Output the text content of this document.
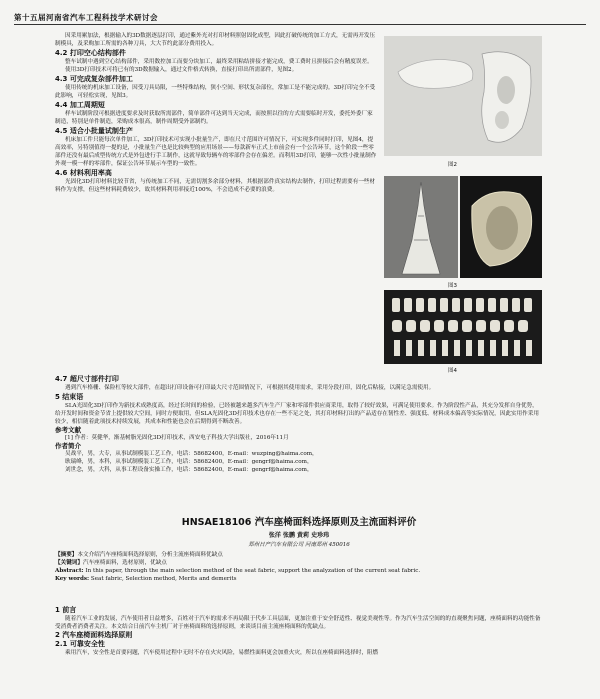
第十五届河南省汽车工程科技学术研讨会

因采用累加法，根据输入的3D数据逐层打印，通过紫外光对打印材料照射固化成型，因此打破传统的加工方式，无需再开发压制模具，及采购加工所需的各种刀具，大大节约此部分费用投入。

4.2 打印空心结构部件

整车试制中遇到空心结构部件，采用数控加工而要分块加工，最终采用粘结拼接才能完成，费工费时且拼接后会有精度误差。

使用3D打印技术可将已有的3D数据输入，通过文件格式转换，直接打印出所需部件，见图2。

4.3 可完成复杂部件加工

使用传统的机床加工设备，因受刀具局限，一些特殊结构，狭小空间、形状复杂部位，常加工是不能完成的。3D打印完全不受此影响，可轻松实现，见图3。

4.4 加工周期短

样车试制阶段可根据进度要求及时获取所需部件，简单部件可达到当天完成，而按照以往的方式需要临时开发，委托外委厂家制造，特别是单件制造，采购成本很高，制作周期受外部制约。

4.5 适合小批量试制生产

机床加工件只能每次单件加工，3D打印技术可实现小批量生产，即在尺寸范围许可情况下，可实现多件同时打印，见图4，提高效率，另特别值得一提的是，小批量生产也是比较典型的应用场景——每款新车正式上市前会有一个公告环节，这个阶段一些零部件还没有最后成型传统方式是外包进行手工制作，这就导致每辆车的零部件会存在偏差。而利用3D打印，能够一次性小批量制作外观一模一样的零部件，保证公告环节展示车型的一致性。

4.6 材料利用率高

光固化3D打印材料比较节省，与传统加工不同，无需切割多余部分材料，其根据部件真实结构去制作，打印过程需要有一些材料作为支撑，但这些材料耗费较少，故其材料利用率接近100%，不会造成不必要的浪费。

图2
图3
图4
4.7 超尺寸部件打印

遇到汽车格栅、保险杠等较大部件，在超出打印设备可打印最大尺寸范围情况下，可根据其使用需求，采用分段打印，固化后粘接，以满足急需使用。

5 结束语

SLA光固化3D打印作为新技术成熟度高，经过长时间的检验，已经被越来越多汽车生产厂家和零部件供应商采用，取得了较好效果，可满足使用要求。作为阶段性产品，其充分发挥自身优势，给开发时间和资金节省上提供较大空间，同时方便取用，但SLA光固化3D打印技术也存在一些不足之处，其打印材料打出的产品适存在韧性差、强度低、材料成本偏高等实际情况，因此实用作采用较少，相信随着此项技术持续发展，其成本和性能也会在后期得到不断改善。

参考文献

[1] 作者：莫健华，渐基树脂光固化3D打印技术，西安电子科技大学出版社，2016年11月

作者简介

吴战平，男，大专，从事试制模装工艺工作，电话：58682400，E-mail：wuzping@haima.com，

耿瑞峰，男，本科，从事试制模装工艺工作，电话：58682400，E-mail：gengrf@haima.com，

刘世念，男，大科，从事工程设备实操工作，电话：58682400，E-mail：gengrf@haima.com，

HNSAE18106 汽车座椅面料选择原则及主流面料评价
张洋 张鹏 黄莉 史珍玮
郑州日产汽车有限公司 河南郑州 450016

【摘要】本文介绍汽车座椅面料选择原则，分析主流座椅面料优缺点

【关键词】汽车座椅面料，选材原则，优缺点

Abstract: In this paper, through the main selection method of the seat fabric, support the analyzation of the current seat fabric.

Key words: Seat fabric, Selection method, Merits and demerits

1 前言

随着汽车工业的发展，汽车使用者日益增多，百姓对于汽车的需求不再局限于代步工具层面，更加注重于安全舒适性、视觉美观性等。作为汽车生活空间的的直观聚焦问题，座椅面料的功能性备受消费者消费者关注。本文结合日前汽车主机厂对于座椅面料的选择原则，来谈谈目前主流座椅面料的优缺点。

2 汽车座椅面料选择原则
2.1 可靠安全性

乘用汽车，安全性是首要问题，汽车使用过程中无时不存在火灾风险，易燃性面料更会加重火灾，所以在座椅面料选择时，阻燃
